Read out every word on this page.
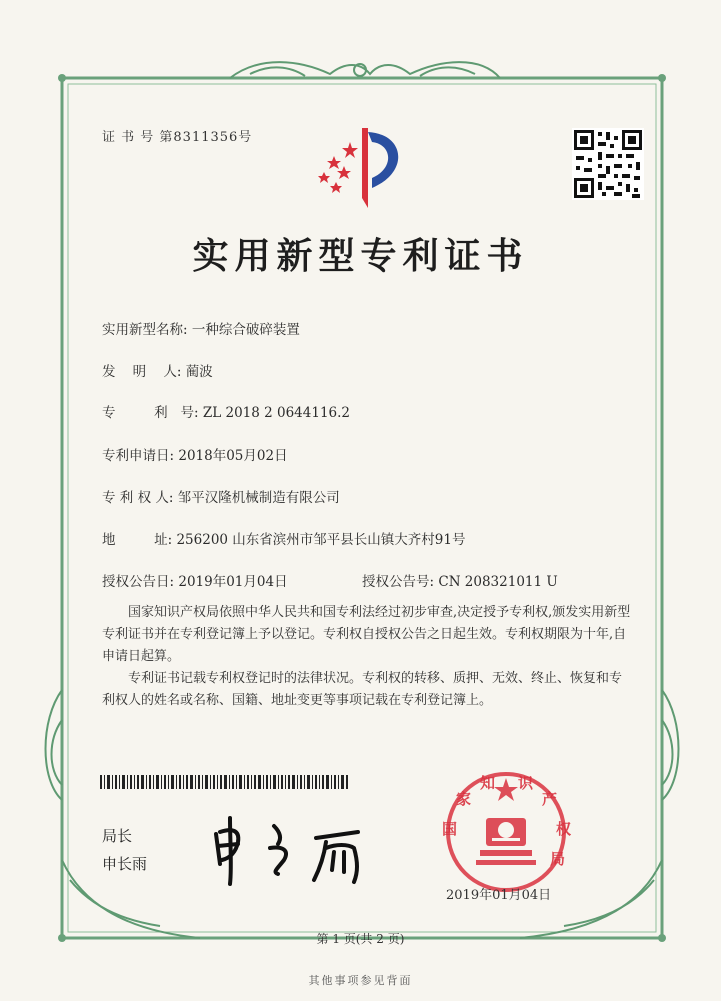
证 书 号 第8311356号
实用新型专利证书
实用新型名称: 一种综合破碎装置
发    明    人: 蔺波
专         利   号: ZL 2018 2 0644116.2
专利申请日: 2018年05月02日
专 利 权 人: 邹平汉隆机械制造有限公司
地         址: 256200 山东省滨州市邹平县长山镇大齐村91号
授权公告日: 2019年01月04日	授权公告号: CN 208321011 U
国家知识产权局依照中华人民共和国专利法经过初步审查,决定授予专利权,颁发实用新型专利证书并在专利登记簿上予以登记。专利权自授权公告之日起生效。专利权期限为十年,自申请日起算。
专利证书记载专利权登记时的法律状况。专利权的转移、质押、无效、终止、恢复和专利权人的姓名或名称、国籍、地址变更等事项记载在专利登记簿上。
局长
申长雨
国
家
知 识
产
权
局
2019年01月04日
第 1 页(共 2 页)
其他事项参见背面
